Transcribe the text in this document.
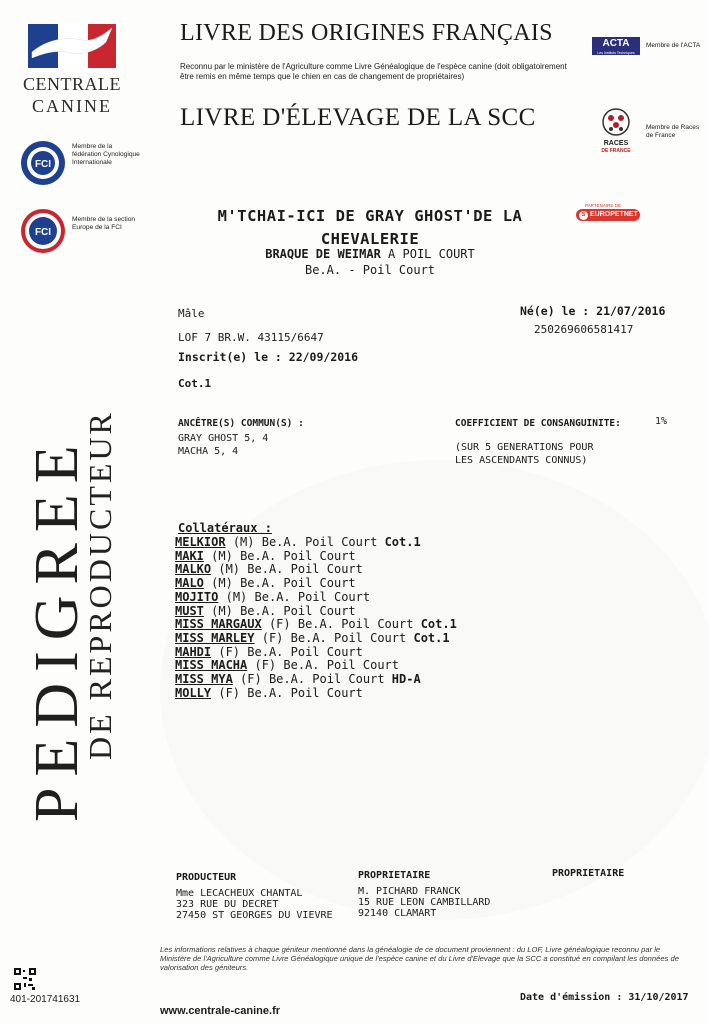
CENTRALE
CANINE
FCI
Membre de la fédération Cynologique Internationale
FCI
Membre de la section Europe de la FCI
PEDIGREE
DE REPRODUCTEUR
401-201741631
LIVRE DES ORIGINES FRANÇAIS
Reconnu par le ministère de l'Agriculture comme Livre Généalogique de l'espèce canine (doit obligatoirement être remis en même temps que le chien en cas de changement de propriétaires)
LIVRE D'ÉLEVAGE DE LA SCC
ACTA
Les Instituts Techniques Agricoles
Membre de l'ACTA
RACES
DE FRANCE
Membre de Races de France
PARTENAIRE DE
EUROPETNET
S
M'TCHAI-ICI DE GRAY GHOST'DE LA CHEVALERIE
BRAQUE DE WEIMAR A POIL COURT
Be.A. - Poil Court
Mâle
LOF 7 BR.W. 43115/6647
Inscrit(e) le : 22/09/2016
Cot.1
Né(e) le : 21/07/2016
250269606581417
ANCÊTRE(S) COMMUN(S) :
GRAY GHOST 5, 4
MACHA 5, 4
COEFFICIENT DE CONSANGUINITE:	1%
(SUR 5 GENERATIONS POUR
LES ASCENDANTS CONNUS)
Collatéraux :
MELKIOR (M) Be.A. Poil Court Cot.1
MAKI (M) Be.A. Poil Court
MALKO (M) Be.A. Poil Court
MALO (M) Be.A. Poil Court
MOJITO (M) Be.A. Poil Court
MUST (M) Be.A. Poil Court
MISS MARGAUX (F) Be.A. Poil Court Cot.1
MISS MARLEY (F) Be.A. Poil Court Cot.1
MAHDI (F) Be.A. Poil Court
MISS MACHA (F) Be.A. Poil Court
MISS MYA (F) Be.A. Poil Court HD-A
MOLLY (F) Be.A. Poil Court
PRODUCTEUR
Mme LECACHEUX CHANTAL
323 RUE DU DECRET
27450 ST GEORGES DU VIEVRE
PROPRIETAIRE
M. PICHARD FRANCK
15 RUE LEON CAMBILLARD
92140 CLAMART
PROPRIETAIRE
Les informations relatives à chaque géniteur mentionné dans la généalogie de ce document proviennent : du LOF, Livre généalogique reconnu par le Ministère de l'Agriculture comme Livre Généalogique unique de l'espèce canine et du Livre d'Elevage que la SCC a constitué en compilant les données de valorisation des géniteurs.
www.centrale-canine.fr
Date d'émission : 31/10/2017
